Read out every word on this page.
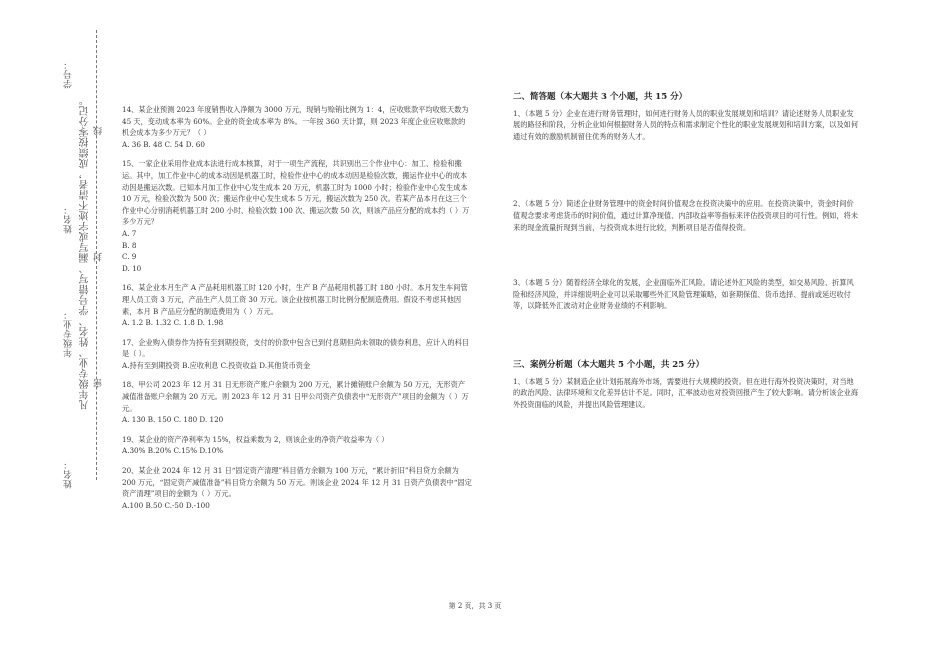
学号：
凡年级专业、姓名、学号错写、漏写或字迹不清者，成绩按零分记。
姓名：
年级专业：
姓名：
密
封
线

14、某企业预测 2023 年度销售收入净额为 3000 万元，现销与赊销比例为 1：4，应收账款平均收账天数为 45 天，变动成本率为 60%。企业的资金成本率为 8%。一年按 360 天计算，则 2023 年度企业应收账款的机会成本为多少万元？（ ）

A. 36 B. 48 C. 54 D. 60

15、一家企业采用作业成本法进行成本核算，对于一项生产流程，共识别出三个作业中心：加工、检验和搬运。其中，加工作业中心的成本动因是机器工时，检验作业中心的成本动因是检验次数，搬运作业中心的成本动因是搬运次数。已知本月加工作业中心发生成本 20 万元，机器工时为 1000 小时；检验作业中心发生成本 10 万元，检验次数为 500 次；搬运作业中心发生成本 5 万元，搬运次数为 250 次。若某产品本月在这三个作业中心分别消耗机器工时 200 小时、检验次数 100 次、搬运次数 50 次，则该产品应分配的成本约（ ）万多少万元？

A. 7
B. 8
C. 9
D. 10

16、某企业本月生产 A 产品耗用机器工时 120 小时，生产 B 产品耗用机器工时 180 小时。本月发生车间管理人员工资 3 万元，产品生产人员工资 30 万元。该企业按机器工时比例分配制造费用。假设不考虑其他因素，本月 B 产品应分配的制造费用为（ ）万元。

A. 1.2 B. 1.32 C. 1.8 D. 1.98

17、企业购入债券作为持有至到期投资，支付的价款中包含已到付息期但尚未领取的债券利息，应计入的科目是（ ）。

A.持有至到期投资 B.应收利息 C.投资收益 D.其他货币资金

18、甲公司 2023 年 12 月 31 日无形资产账户余额为 200 万元，累计摊销账户余额为 50 万元，无形资产减值准备账户余额为 20 万元。则 2023 年 12 月 31 日甲公司资产负债表中“无形资产”项目的金额为（ ）万元。

A. 130 B. 150 C. 180 D. 120

19、某企业的资产净利率为 15%，权益乘数为 2，则该企业的净资产收益率为（ ）

A.30% B.20% C.15% D.10%

20、某企业 2024 年 12 月 31 日“固定资产清理”科目借方余额为 100 万元，“累计折旧”科目贷方余额为 200 万元，“固定资产减值准备”科目贷方余额为 50 万元。则该企业 2024 年 12 月 31 日资产负债表中“固定资产清理”项目的金额为（ ）万元。

A.100 B.50 C.-50 D.-100
二、简答题（本大题共 3 个小题，共 15 分）

1、（本题 5 分）企业在进行财务管理时，如何进行财务人员的职业发展规划和培训？请论述财务人员职业发展的路径和阶段，分析企业如何根据财务人员的特点和需求制定个性化的职业发展规划和培训方案，以及如何通过有效的激励机制留住优秀的财务人才。

2、（本题 5 分）简述企业财务管理中的资金时间价值观念在投资决策中的应用。在投资决策中，资金时间价值观念要求考虑货币的时间价值，通过计算净现值、内部收益率等指标来评估投资项目的可行性。例如，将未来的现金流量折现到当前，与投资成本进行比较，判断项目是否值得投资。

3、（本题 5 分）随着经济全球化的发展，企业面临外汇风险。请论述外汇风险的类型，如交易风险、折算风险和经济风险，并详细说明企业可以采取哪些外汇风险管理策略，如套期保值、货币选择、提前或延迟收付等，以降低外汇波动对企业财务业绩的不利影响。

三、案例分析题（本大题共 5 个小题，共 25 分）

1、（本题 5 分）某制造企业计划拓展海外市场，需要进行大规模的投资。但在进行海外投资决策时，对当地的政治风险、法律环境和文化差异估计不足。同时，汇率波动也对投资回报产生了较大影响。请分析该企业海外投资面临的风险，并提出风险管理建议。

第 2 页，共 3 页
